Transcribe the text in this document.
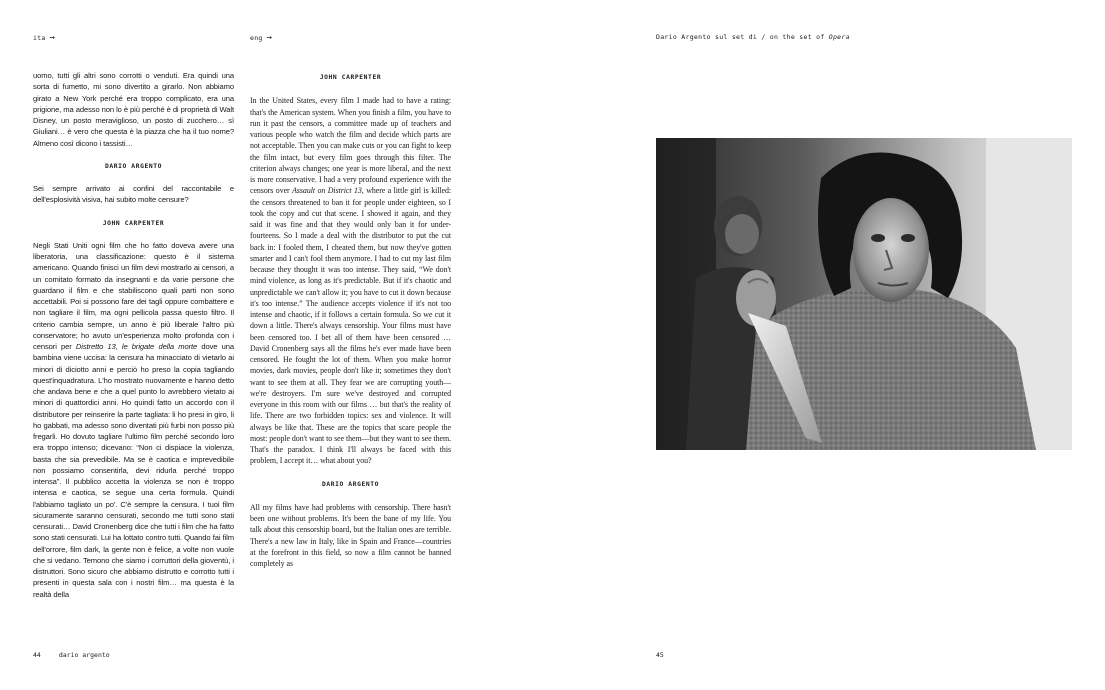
ita →	eng →

uomo, tutti gli altri sono corrotti o venduti. Era quindi una sorta di fumetto, mi sono divertito a girarlo. Non abbiamo girato a New York perché era troppo complicato, era una prigione, ma adesso non lo è più perché è di proprietà di Walt Disney, un posto meraviglioso, un posto di zucchero… sì Giuliani… è vero che questa è la piazza che ha il tuo nome? Almeno così dicono i tassisti…

DARIO ARGENTO

Sei sempre arrivato ai confini del raccontabile e dell'esplosività visiva, hai subito molte censure?

JOHN CARPENTER

Negli Stati Uniti ogni film che ho fatto doveva avere una liberatoria, una classificazione: questo è il sistema americano. Quando finisci un film devi mostrarlo ai censori, a un comitato formato da insegnanti e da varie persone che guardano il film e che stabiliscono quali parti non sono accettabili. Poi si possono fare dei tagli oppure combattere e non tagliare il film, ma ogni pellicola passa questo filtro. Il criterio cambia sempre, un anno è più liberale l'altro più conservatore; ho avuto un'esperienza molto profonda con i censori per Distretto 13, le brigate della morte dove una bambina viene uccisa: la censura ha minacciato di vietarlo ai minori di diciotto anni e perciò ho preso la copia tagliando quest'inquadratura. L'ho mostrato nuovamente e hanno detto che andava bene e che a quel punto lo avrebbero vietato ai minori di quattordici anni. Ho quindi fatto un accordo con il distributore per reinserire la parte tagliata: li ho presi in giro, li ho gabbati, ma adesso sono diventati più furbi non posso più fregarli. Ho dovuto tagliare l'ultimo film perché secondo loro era troppo intenso; dicevano: “Non ci dispiace la violenza, basta che sia prevedibile. Ma se è caotica e imprevedibile non possiamo consentirla, devi ridurla perché troppo intensa”. Il pubblico accetta la violenza se non è troppo intensa e caotica, se segue una certa formula. Quindi l'abbiamo tagliato un po'. C'è sempre la censura. I tuoi film sicuramente saranno censurati, secondo me tutti sono stati censurati… David Cronenberg dice che tutti i film che ha fatto sono stati censurati. Lui ha lottato contro tutti. Quando fai film dell'orrore, film dark, la gente non è felice, a volte non vuole che si vedano. Temono che siamo i corruttori della gioventù, i distruttori. Sono sicuro che abbiamo distrutto e corrotto tutti i presenti in questa sala con i nostri film… ma questa è la realtà della

JOHN CARPENTER

In the United States, every film I made had to have a rating: that's the American system. When you finish a film, you have to run it past the censors, a committee made up of teachers and various people who watch the film and decide which parts are not acceptable. Then you can make cuts or you can fight to keep the film intact, but every film goes through this filter. The criterion always changes; one year is more liberal, and the next is more conservative. I had a very profound experience with the censors over Assault on District 13, where a little girl is killed: the censors threatened to ban it for people under eighteen, so I took the copy and cut that scene. I showed it again, and they said it was fine and that they would only ban it for under-fourteens. So I made a deal with the distributor to put the cut back in: I fooled them, I cheated them, but now they've gotten smarter and I can't fool them anymore. I had to cut my last film because they thought it was too intense. They said, “We don't mind violence, as long as it's predictable. But if it's chaotic and unpredictable we can't allow it; you have to cut it down because it's too intense.” The audience accepts violence if it's not too intense and chaotic, if it follows a certain formula. So we cut it down a little. There's always censorship. Your films must have been censored too. I bet all of them have been censored … David Cronenberg says all the films he's ever made have been censored. He fought the lot of them. When you make horror movies, dark movies, people don't like it; sometimes they don't want to see them at all. They fear we are corrupting youth—we're destroyers. I'm sure we've destroyed and corrupted everyone in this room with our films … but that's the reality of life. There are two forbidden topics: sex and violence. It will always be like that. These are the topics that scare people the most: people don't want to see them—but they want to see them. That's the paradox. I think I'll always be faced with this problem, I accept it… what about you?

DARIO ARGENTO

All my films have had problems with censorship. There hasn't been one without problems. It's been the bane of my life. You talk about this censorship board, but the Italian ones are terrible. There's a new law in Italy, like in Spain and France—countries at the forefront in this field, so now a film cannot be banned completely as

44	dario argento
Dario Argento sul set di / on the set of Opera
45
